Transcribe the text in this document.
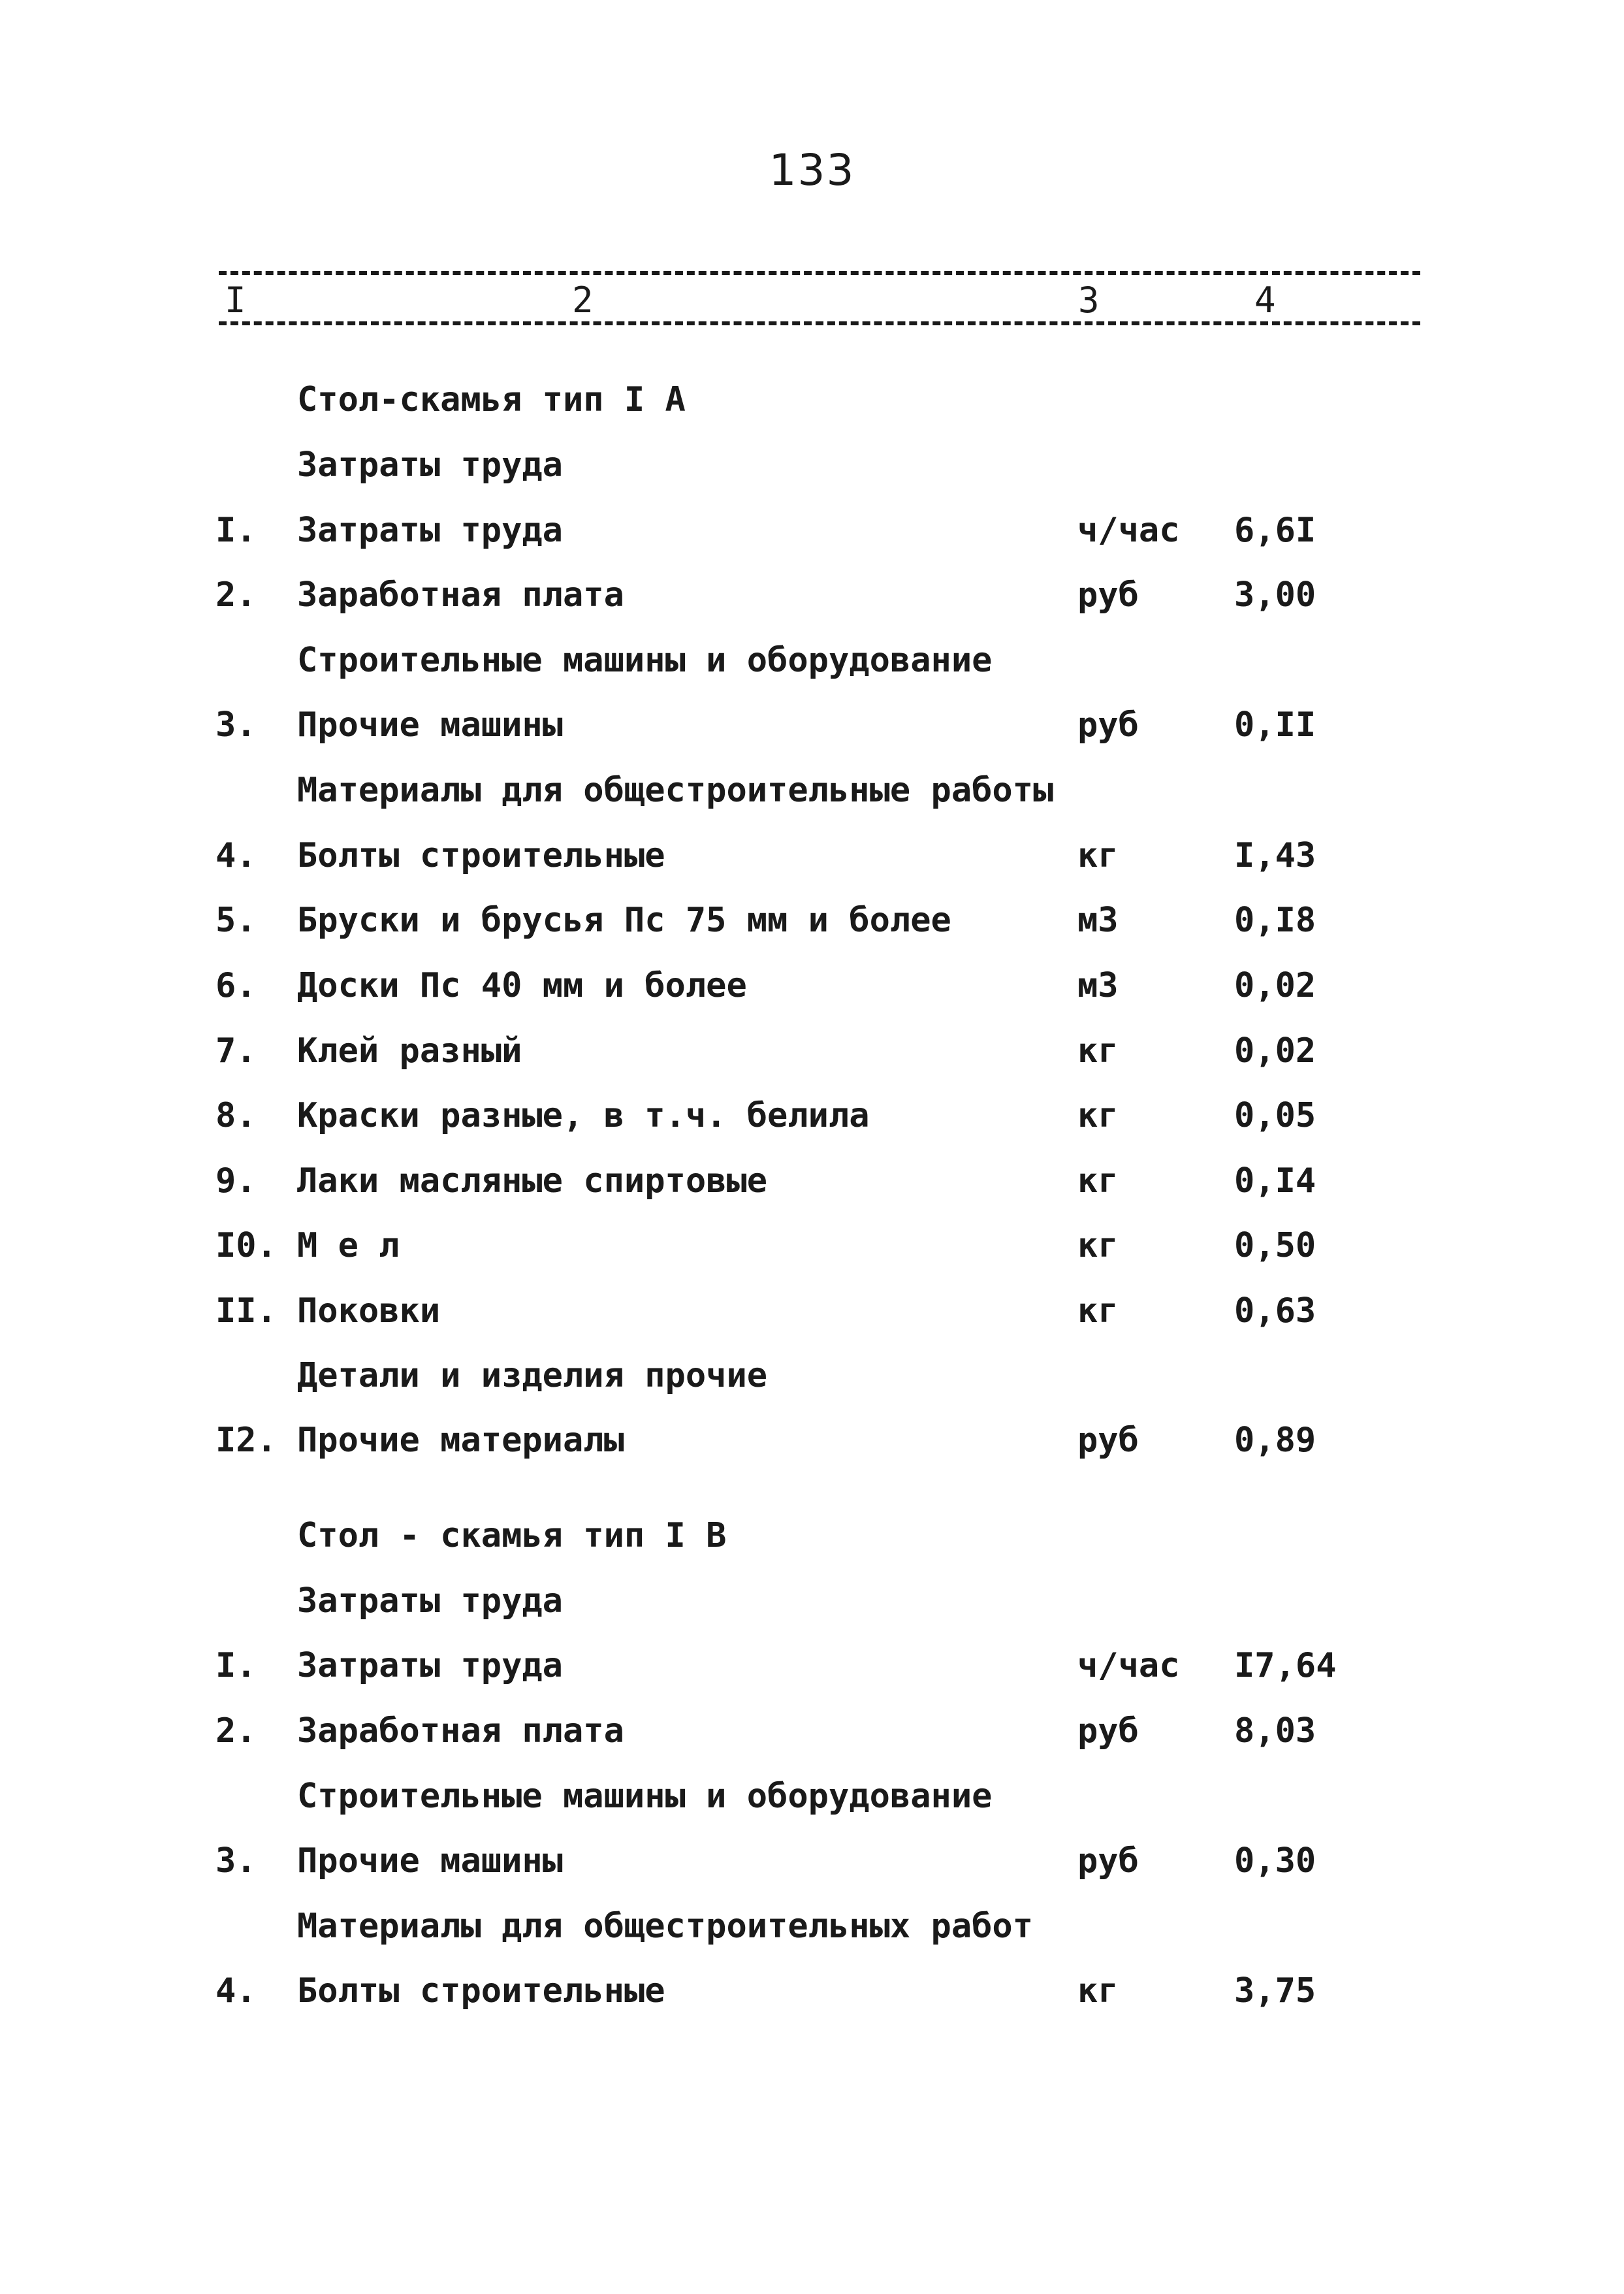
133
I	2	3	4
Стол-скамья тип I А
Затраты труда
I. Затраты труда	ч/час 6,6I
2. Заработная плата	руб	3,00
Строительные машины и оборудование
3. Прочие машины	руб	0,II
Материалы для общестроительные работы
4. Болты строительные	кг	I,43
5. Бруски и брусья Пс 75 мм и более	м3	0,I8
6. Доски Пс 40 мм и более	м3	0,02
7. Клей разный	кг	0,02
8. Краски разные, в т.ч. белила	кг	0,05
9. Лаки масляные спиртовые	кг	0,I4
I0. М е л	кг	0,50
II. Поковки	кг	0,63
Детали и изделия прочие
I2. Прочие материалы	руб	0,89
Стол - скамья тип I В
Затраты труда
I. Затраты труда	ч/час I7,64
2. Заработная плата	руб	8,03
Строительные машины и оборудование
3. Прочие машины	руб	0,30
Материалы для общестроительных работ
4. Болты строительные	кг	3,75
